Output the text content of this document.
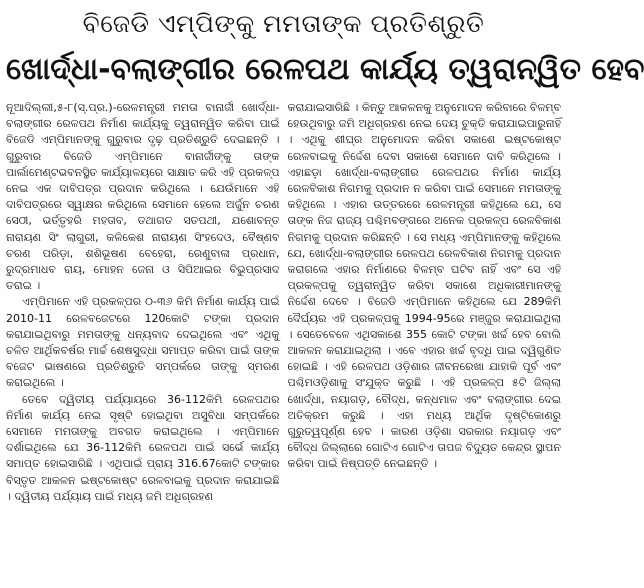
ବିଜେଡି ଏମ୍‌ପିଙ୍କୁ ମମତାଙ୍କ ପ୍ରତିଶ୍ରୁତି
ଖୋର୍ଦ୍ଧା-ବଲାଙ୍ଗୀର ରେଳପଥ କାର୍ଯ୍ୟ ତ୍ୱରାନ୍ୱିତ ହେବ

ନୂଆଦିଲ୍ଲୀ,୫-୮(ସ୍‌.ପ୍ର.)-ରେଳମନ୍ତ୍ରୀ ମମତା ବାନାର୍ଜୀ ଖୋର୍ଦ୍ଧା-ବଲାଙ୍ଗୀର ରେଳପଥ ନିର୍ମାଣ କାର୍ଯ୍ୟକୁ ତ୍ୱରାନ୍ୱିତ କରିବା ପାଇଁ ବିଜେଡି ଏମ୍‌ପିମାନଙ୍କୁ ଗୁରୁବାର ଦୃଢ଼ ପ୍ରତିଶ୍ରୁତି ଦେଇଛନ୍ତି । ଗୁରୁବାର ବିଜେଡି ଏମ୍‌ପିମାନେ ବାନାର୍ଜୀଙ୍କୁ ତାଙ୍କ ପାର୍ଲାମେଣ୍ଟଭବନସ୍ଥିତ କାର୍ଯ୍ୟାଳୟରେ ସାକ୍ଷାତ କରି ଏହି ପ୍ରକଳ୍ପ ନେଇ ଏକ ଦାବିପତ୍ର ପ୍ରଦାନ କରିଥିଲେ । ଯେଉଁମାନେ ଏହି ଦାବିପତ୍ରରେ ସ୍ୱାକ୍ଷର କରିଥିଲେ ସେମାନେ ହେଲେ ଅର୍ଜୁନ ଚରଣ ସେଠୀ, ଭର୍ତ୍ତୃହରି ମହତାବ, ତଥାଗତ ସତପଥୀ, ଯଶୋବନ୍ତ ନାରାୟଣ ସିଂ ଲାଗୁରୀ, କଳିକେଶ ନାରାୟଣ ସିଂହଦେଓ, ବୈଷ୍ଣବ ଚରଣ ପରିଡ଼ା, ଶଶିଭୂଷଣ ବେହେରା, ରେଣୁବାଳା ପ୍ରଧାନ, ରୁଦ୍ରମାଧବ ରାୟ, ମୋହନ ଜେନା ଓ ସିପିଆଇର ବିଭୁପ୍ରସାଦ ତରାଇ ।

ଏମ୍‌ପିମାନେ ଏହି ପ୍ରକଳ୍ପର ୦-୩୬ କିମି ନିର୍ମାଣ କାର୍ଯ୍ୟ ପାଇଁ 2010-11 ରେଳବଜେଟରେ 120କୋଟି ଟଙ୍କା ପ୍ରଦାନ କରାଯାଇଥିବାରୁ ମମତାଙ୍କୁ ଧନ୍ୟବାଦ ଦେଇଥିଲେ ଏବଂ ଏଥିକୁ ଚଳିତ ଆର୍ଥିକବର୍ଷର ମାର୍ଚ୍ଚ ଶେଷସୁଦ୍ଧା ସମାପ୍ତ କରିବା ପାଇଁ ତାଙ୍କ ବଜେଟ ଭାଷଣରେ ପ୍ରତିଶ୍ରୁତି ସମ୍ପର୍କରେ ତାଙ୍କୁ ସ୍ମରଣ କରାଇଥିଲେ ।

ତେବେ ଦ୍ୱିତୀୟ ପର୍ଯ୍ୟାୟରେ 36-112କିମି ରେଳପଥର ନିର୍ମାଣ କାର୍ଯ୍ୟ ନେଇ ସୃଷ୍ଟି ହୋଇଥିବା ଅସୁବିଧା ସମ୍ପର୍କରେ ସେମାନେ ମମତାଙ୍କୁ ଅବଗତ କରାଇଥିଲେ । ଏମ୍‌ପିମାନେ ଦର୍ଶାଇଥିଲେ ଯେ 36-112କିମି ରେଳପଥ ପାଇଁ ସର୍ଭେ କାର୍ଯ୍ୟ ସମାପ୍ତ ହୋଇସାରିଛି । ଏଥିପାଇଁ ପ୍ରାୟ 316.67କୋଟି ଟଙ୍କାର ବିସ୍ତୃତ ଆକଳନ ଇଷ୍ଟକୋଷ୍ଟ ରେଳବାଇକୁ ପ୍ରଦାନ କରାଯାଇଛି । ଦ୍ୱିତୀୟ ପର୍ଯ୍ୟାୟ ପାଇଁ ମଧ୍ୟ ଜମି ଅଧିଗ୍ରହଣ

କରାଯାଇସାରିଛି । କିନ୍ତୁ ଆକଳନକୁ ଅନୁମୋଦନ କରିବାରେ ବିଳମ୍ବ ହେଉଥିବାରୁ ଜମି ଅଧିଗ୍ରହଣ ନେଇ ଦେୟ ଚୁକ୍ତି କରାଯାଇପାରୁନାହିଁ । ଏଥିକୁ ଶୀଘ୍ର ଅନୁମୋଦନ କରିବା ସକାଶେ ଇଷ୍ଟକୋଷ୍ଟ ରେଳବାଇକୁ ନିର୍ଦ୍ଦେଶ ଦେବା ସକାଶେ ସେମାନେ ଦାବି କରିଥିଲେ । ଏହାଛଡ଼ା ଖୋର୍ଦ୍ଧା-ବଲାଙ୍ଗୀର ରେଳପଥର ନିର୍ମାଣ କାର୍ଯ୍ୟ ରେଳବିକାଶ ନିଗମକୁ ପ୍ରଦାନ ନ କରିବା ପାଇଁ ସେମାନେ ମମତାଙ୍କୁ କହିଥିଲେ । ଏହାର ଉତ୍ତରରେ ରେଳମନ୍ତ୍ରୀ କହିଥିଲେ ଯେ, ସେ ତାଙ୍କ ନିଜ ରାଜ୍ୟ ପଶ୍ଚିମବଙ୍ଗରେ ଅନେକ ପ୍ରକଳ୍ପ ରେଳବିକାଶ ନିଗମକୁ ପ୍ରଦାନ କରିଛନ୍ତି । ସେ ମଧ୍ୟ ଏମ୍‌ପିମାନଙ୍କୁ କହିଥିଲେ ଯେ, ଖୋର୍ଦ୍ଧା-ବଲାଙ୍ଗୀର ରେଳପଥ ରେଳବିକାଶ ନିଗମକୁ ପ୍ରଦାନ କରାଗଲେ ଏହାର ନିର୍ମାଣରେ ବିଳମ୍ବ ଘଟିବ ନାହିଁ ଏବଂ ସେ ଏହି ପ୍ରକଳ୍ପକୁ ତ୍ୱରାନ୍ୱିତ କରିବା ସକାଶେ ଅଧିକାରୀମାନଙ୍କୁ ନିର୍ଦ୍ଦେଶ ଦେବେ । ବିଜେଡି ଏମ୍‌ପିମାନେ କହିଥିଲେ ଯେ 289କିମି ଦୈର୍ଘ୍ୟର ଏହି ପ୍ରକଳ୍ପକୁ 1994-95ରେ ମଞ୍ଜୁର କରାଯାଇଥିଲା । ସେତେବେଳେ ଏଥିସକାଶେ 355 କୋଟି ଟଙ୍କା ଖର୍ଚ୍ଚ ହେବ ବୋଲି ଆକଳନ କରାଯାଇଥିଲା । ଏବେ ଏହାର ଖର୍ଚ୍ଚ ବୃଦ୍ଧି ପାଇ ଦ୍ୱିଗୁଣିତ ହୋଇଛି । ଏହି ରେଳପଥ ଓଡ଼ିଶାର ଜୀବନରେଖା ଯାହାକି ପୂର୍ବ ଏବଂ ପଶ୍ଚିମଓଡ଼ିଶାକୁ ସଂଯୁକ୍ତ କରୁଛି । ଏହି ପ୍ରକଳ୍ପ ୫ଟି ଜିଲ୍ଲା ଖୋର୍ଦ୍ଧା, ନୟାଗଡ଼, ବୌଦ୍ଧ, କନ୍ଧମାଳ ଏବଂ ବଲାଙ୍ଗୀର ଦେଇ ଅତିକ୍ରମ କରୁଛି । ଏହା ମଧ୍ୟ ଆର୍ଥିକ ଦୃଷ୍ଟିକୋଣରୁ ଗୁରୁତ୍ୱପୂର୍ଣ୍ଣ ହେବ । କାରଣ ଓଡ଼ିଶା ସରକାର ନୟାଗଡ଼ ଏବଂ ବୌଦ୍ଧ ଜିଲ୍ଲାରେ ଗୋଟିଏ ଗୋଟିଏ ତାପଜ ବିଦ୍ୟୁତ କେନ୍ଦ୍ର ସ୍ଥାପନ କରିବା ପାଇଁ ନିଷ୍ପତ୍ତି ନେଇଛନ୍ତି ।
